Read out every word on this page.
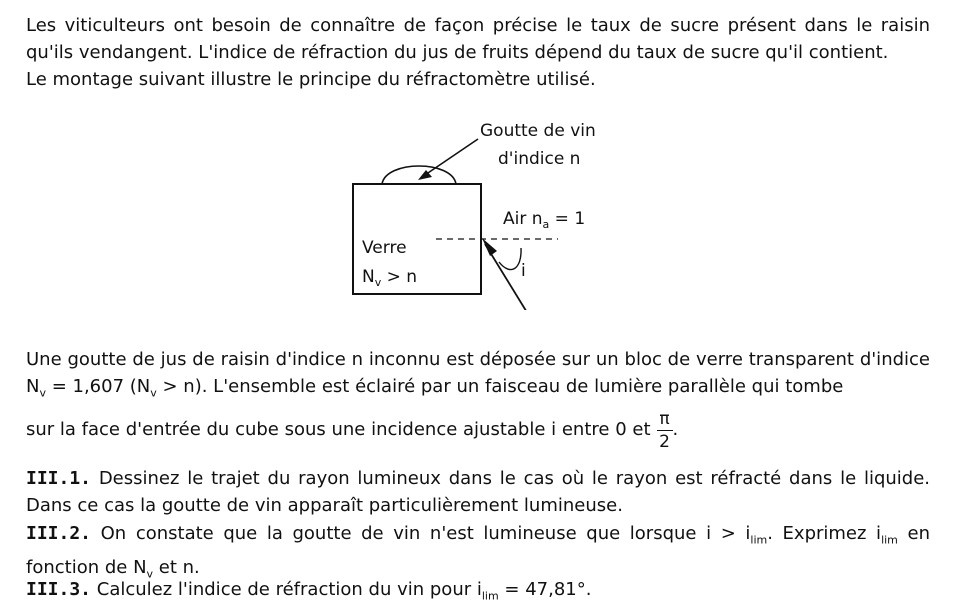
Les viticulteurs ont besoin de connaître de façon précise le taux de sucre présent dans le raisin qu'ils vendangent. L'indice de réfraction du jus de fruits dépend du taux de sucre qu'il contient.

Le montage suivant illustre le principe du réfractomètre utilisé.

Goutte de vin
d'indice n
Air $n_a = 1$
Verre
$N_v > n$	i

Une goutte de jus de raisin d'indice n inconnu est déposée sur un bloc de verre transparent d'indice $N_v = 1,607$ $(N_v > n)$. L'ensemble est éclairé par un faisceau de lumière parallèle qui tombe

sur la face d'entrée du cube sous une incidence ajustable i entre 0 et $\frac{\pi}{2}$ .
III.1. Dessinez le trajet du rayon lumineux dans le cas où le rayon est réfracté dans le liquide. Dans ce cas la goutte de vin apparaît particulièrement lumineuse.
III.2. On constate que la goutte de vin n'est lumineuse que lorsque $i > i_{lim}$. Exprimez $i_{lim}$ en fonction de $N_v$ et n.
III.3. Calculez l'indice de réfraction du vin pour $i_{lim} = 47,81^\circ$.
